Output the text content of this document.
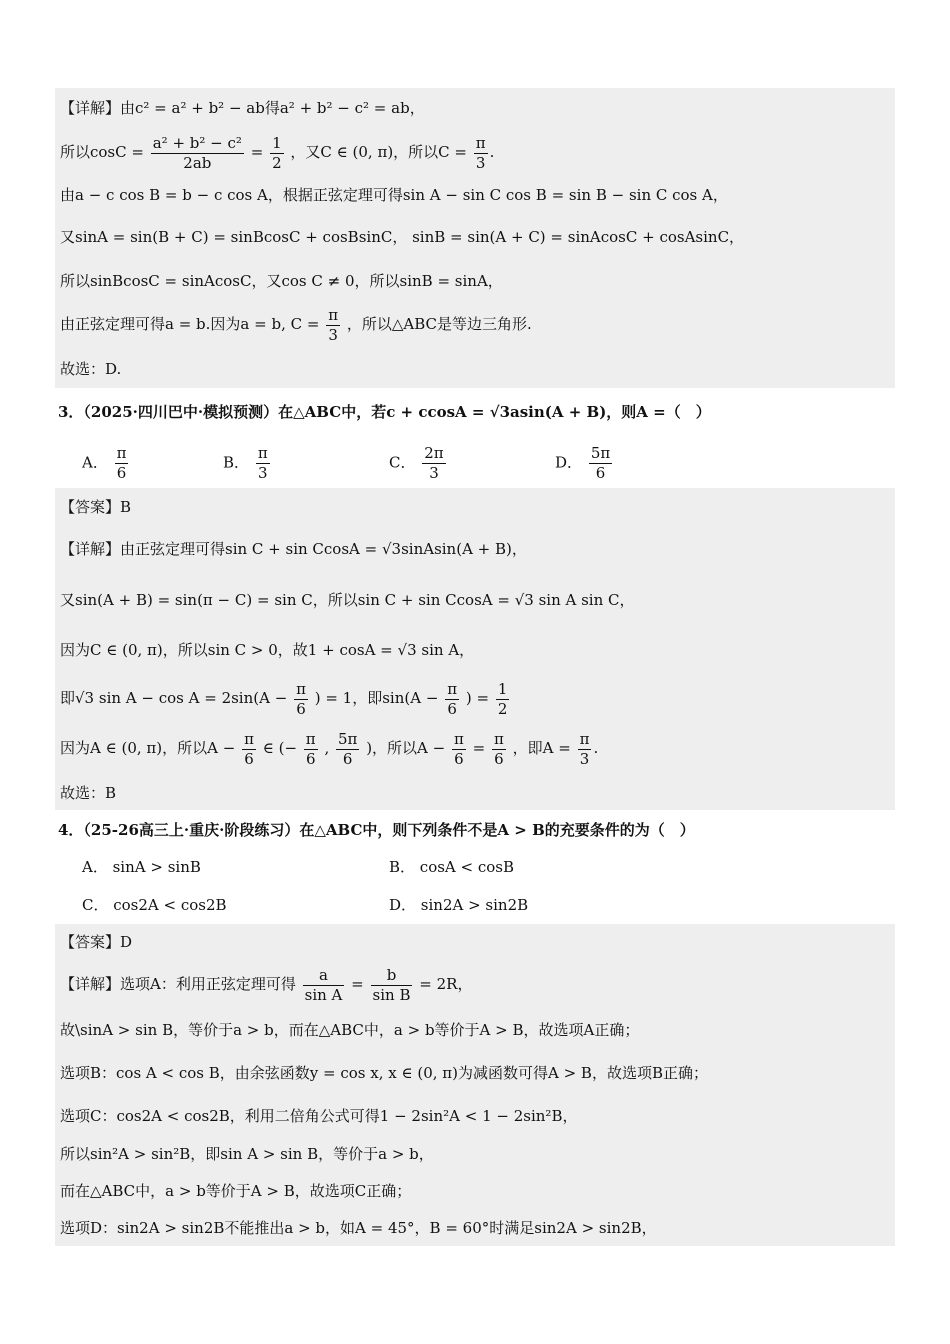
【详解】由c² = a² + b² − ab得a² + b² − c² = ab，
所以$\cos C = \frac{\text{a² + b² − c²}}{2ab} = \frac{1}{2}$ ，又C ∈ (0, π)，所以$C = \frac{\pi}{3}$ .
由a − c cos B = b − c cos A，根据正弦定理可得sin A − sin C cos B = sin B − sin C cos A，
又sinA = sin(B + C) = sinBcosC + cosBsinC， sinB = sin(A + C) = sinAcosC + cosAsinC，
所以sinBcosC = sinAcosC，又cos C ≠ 0，所以sinB = sinA，
由正弦定理可得a = b.因为a = b, $C = \frac{\pi}{3}$ ，所以△ABC是等边三角形.
故选：D.
3．（2025·四川巴中·模拟预测）在△ABC中，若c + ccosA = √3asin(A + B)，则A =（　）
A． $\frac{\pi}{6}$	B． $\frac{\pi}{3}$	C． $\frac{2\pi}{3}$	D． $\frac{5\pi}{6}$
【答案】B
【详解】由正弦定理可得sin C + sin CcosA = √3sinAsin(A + B)，
又sin(A + B) = sin(π − C) = sin C，所以sin C + sin CcosA = √3 sin A sin C，
因为C ∈ (0, π)，所以sin C > 0，故1 + cosA = √3 sin A，
即√3 $\sin A - \cos A = 2\sin(A - \frac{\pi}{6}$ ) = 1，即$\sin(A - \frac{\pi}{6}$ ) = $\frac{1}{2}$
因为A ∈ (0, π)，所以$A - \frac{\pi}{6}$ ∈ (− $\frac{\pi}{6}$ , $\frac{5\pi}{6}$ )，所以$A - \frac{\pi}{6} = \frac{\pi}{6}$ ，即$A = \frac{\pi}{3}$ .
故选：B
4．（25-26高三上·重庆·阶段练习）在△ABC中，则下列条件不是A > B的充要条件的为（　）
A． sinA > sinB	B． cosA < cosB
C． cos2A < cos2B	D． sin2A > sin2B
【答案】D
【详解】选项A：利用正弦定理可得 $\frac{a}{\text{sin A}} = \frac{b}{\text{sin B}} = 2R$，
故\sinA > sin B，等价于a > b，而在△ABC中，a > b等价于A > B，故选项A正确；
选项B：cos A < cos B，由余弦函数y = cos x, x ∈ (0, π)为减函数可得A > B，故选项B正确；
选项C：cos2A < cos2B，利用二倍角公式可得1 − 2sin²A < 1 − 2sin²B，
所以sin²A > sin²B，即sin A > sin B，等价于a > b，
而在△ABC中，a > b等价于A > B，故选项C正确；
选项D：sin2A > sin2B不能推出a > b，如A = 45°，B = 60°时满足sin2A > sin2B，
